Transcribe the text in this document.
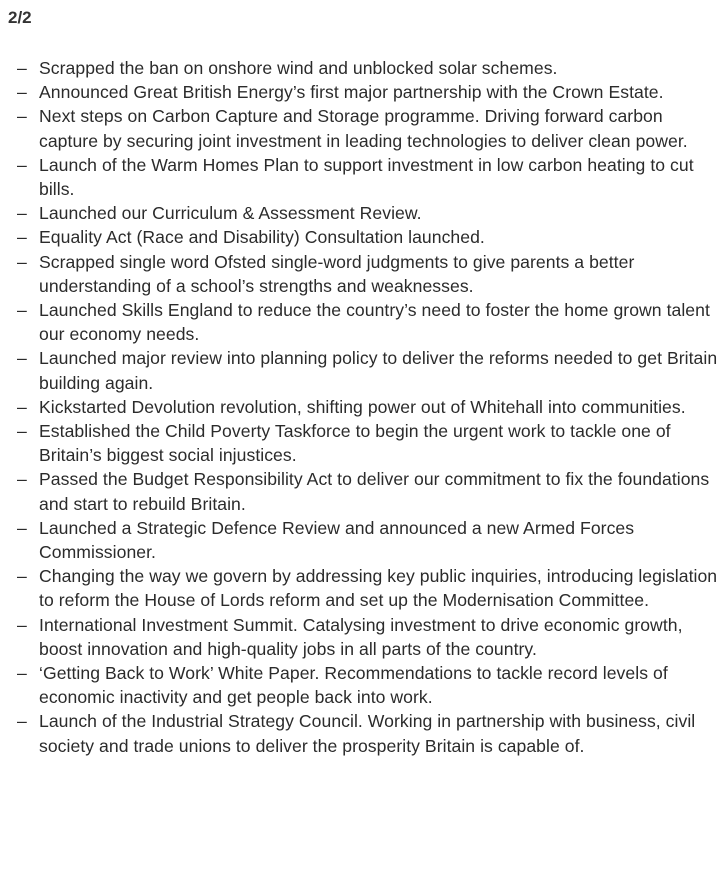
2/2
– Scrapped the ban on onshore wind and unblocked solar schemes.
– Announced Great British Energy’s first major partnership with the Crown Estate.
– Next steps on Carbon Capture and Storage programme. Driving forward carbon capture by securing joint investment in leading technologies to deliver clean power.
– Launch of the Warm Homes Plan to support investment in low carbon heating to cut bills.
– Launched our Curriculum & Assessment Review.
– Equality Act (Race and Disability) Consultation launched.
– Scrapped single word Ofsted single-word judgments to give parents a better understanding of a school’s strengths and weaknesses.
– Launched Skills England to reduce the country’s need to foster the home grown talent our economy needs.
– Launched major review into planning policy to deliver the reforms needed to get Britain building again.
– Kickstarted Devolution revolution, shifting power out of Whitehall into communities.
– Established the Child Poverty Taskforce to begin the urgent work to tackle one of Britain’s biggest social injustices.
– Passed the Budget Responsibility Act to deliver our commitment to fix the foundations and start to rebuild Britain.
– Launched a Strategic Defence Review and announced a new Armed Forces Commissioner.
– Changing the way we govern by addressing key public inquiries, introducing legislation to reform the House of Lords reform and set up the Modernisation Committee.
– International Investment Summit. Catalysing investment to drive economic growth, boost innovation and high-quality jobs in all parts of the country.
– ‘Getting Back to Work’ White Paper. Recommendations to tackle record levels of economic inactivity and get people back into work.
– Launch of the Industrial Strategy Council. Working in partnership with business, civil society and trade unions to deliver the prosperity Britain is capable of.
